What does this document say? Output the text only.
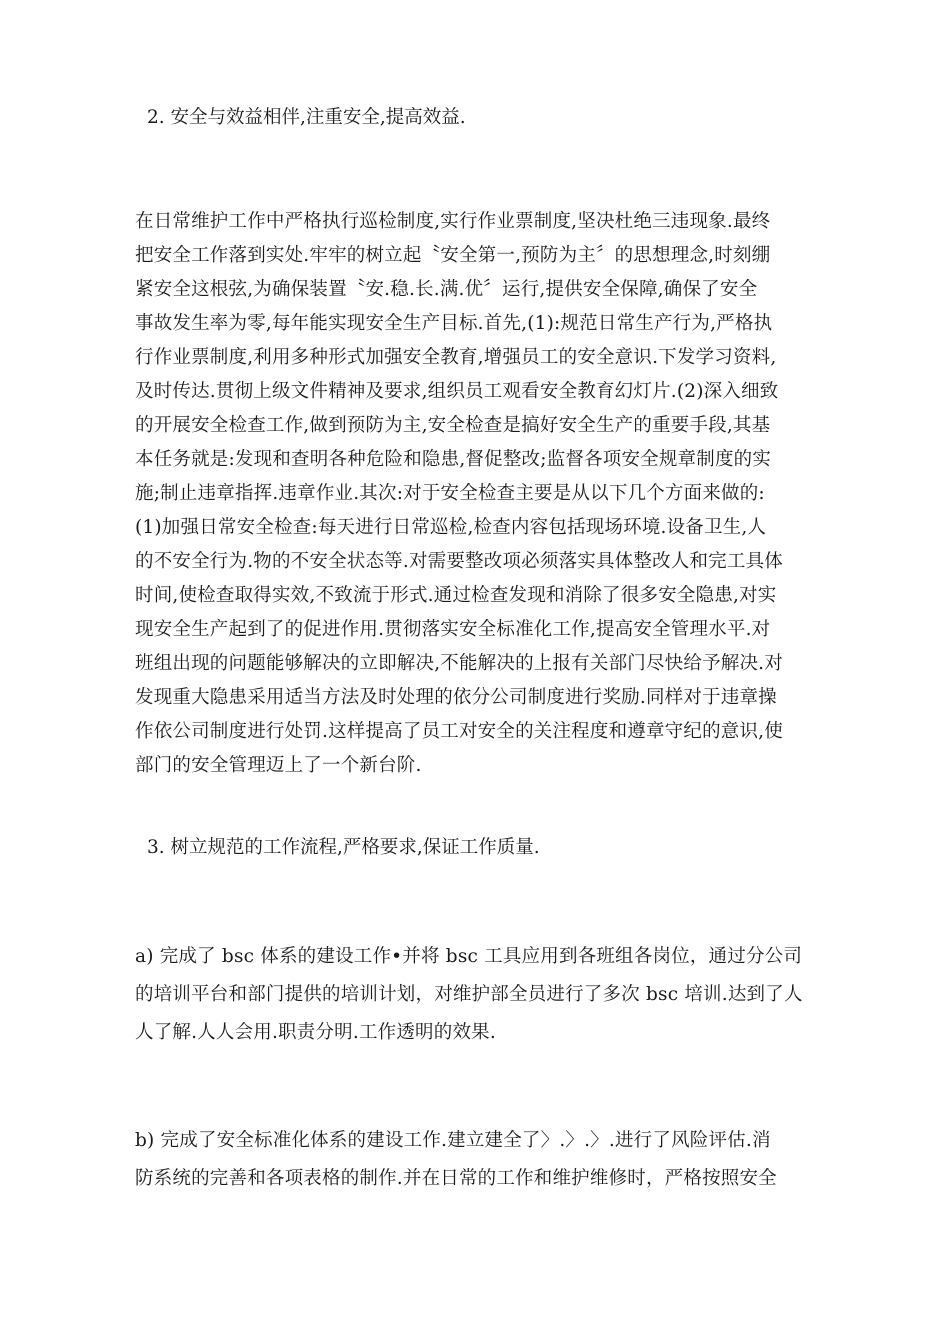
2. 安全与效益相伴,注重安全,提高效益.

在日常维护工作中严格执行巡检制度,实行作业票制度,坚决杜绝三违现象.最终
把安全工作落到实处.牢牢的树立起〝安全第一,预防为主〞的思想理念,时刻绷
紧安全这根弦,为确保装置〝安.稳.长.满.优〞运行,提供安全保障,确保了安全
事故发生率为零,每年能实现安全生产目标.首先,(1):规范日常生产行为,严格执
行作业票制度,利用多种形式加强安全教育,增强员工的安全意识.下发学习资料,
及时传达.贯彻上级文件精神及要求,组织员工观看安全教育幻灯片.(2)深入细致
的开展安全检查工作,做到预防为主,安全检查是搞好安全生产的重要手段,其基
本任务就是:发现和查明各种危险和隐患,督促整改;监督各项安全规章制度的实
施;制止违章指挥.违章作业.其次:对于安全检查主要是从以下几个方面来做的:
(1)加强日常安全检查:每天进行日常巡检,检查内容包括现场环境.设备卫生,人
的不安全行为.物的不安全状态等.对需要整改项必须落实具体整改人和完工具体
时间,使检查取得实效,不致流于形式.通过检查发现和消除了很多安全隐患,对实
现安全生产起到了的促进作用.贯彻落实安全标准化工作,提高安全管理水平.对
班组出现的问题能够解决的立即解决,不能解决的上报有关部门尽快给予解决.对
发现重大隐患采用适当方法及时处理的依分公司制度进行奖励.同样对于违章操
作依公司制度进行处罚.这样提高了员工对安全的关注程度和遵章守纪的意识,使
部门的安全管理迈上了一个新台阶.

3. 树立规范的工作流程,严格要求,保证工作质量.

a) 完成了 bsc 体系的建设工作•并将 bsc 工具应用到各班组各岗位，通过分公司
的培训平台和部门提供的培训计划，对维护部全员进行了多次 bsc 培训.达到了人
人了解.人人会用.职责分明.工作透明的效果.
b) 完成了安全标准化体系的建设工作.建立建全了〉.〉.〉.进行了风险评估.消
防系统的完善和各项表格的制作.并在日常的工作和维护维修时，严格按照安全
